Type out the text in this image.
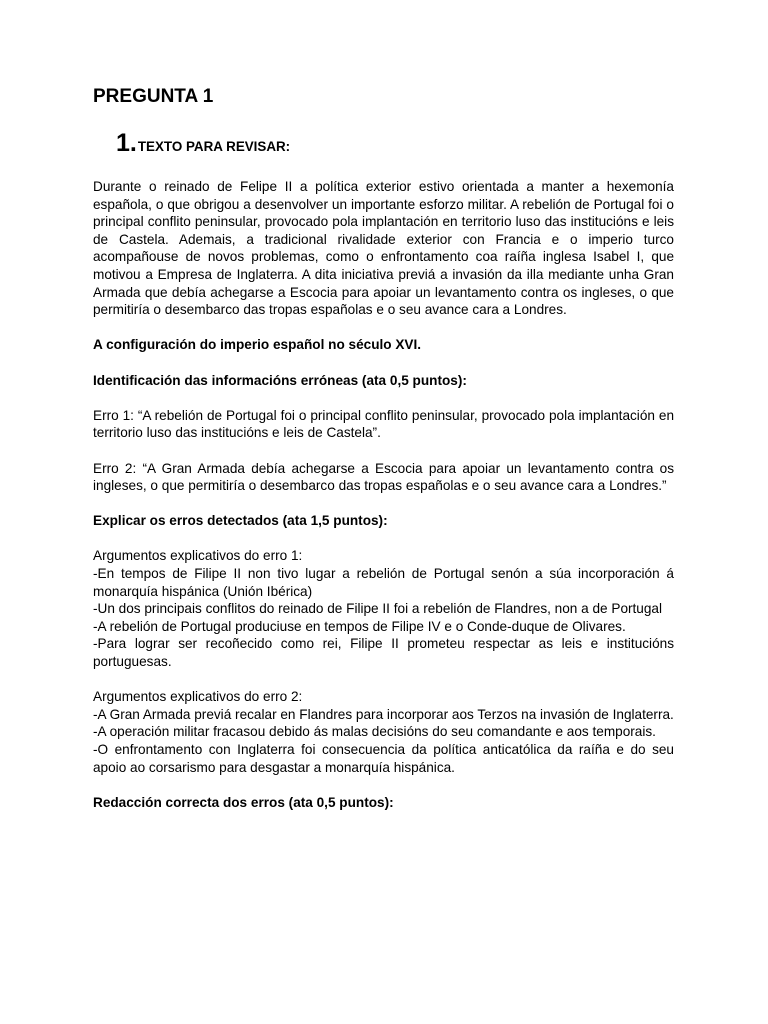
PREGUNTA 1
1.TEXTO PARA REVISAR:

Durante o reinado de Felipe II a política exterior estivo orientada a manter a hexemonía española, o que obrigou a desenvolver un importante esforzo militar. A rebelión de Portugal foi o principal conflito peninsular, provocado pola implantación en territorio luso das institucións e leis de Castela. Ademais, a tradicional rivalidade exterior con Francia e o imperio turco acompañouse de novos problemas, como o enfrontamento coa raíña inglesa Isabel I, que motivou a Empresa de Inglaterra. A dita iniciativa previá a invasión da illa mediante unha Gran Armada que debía achegarse a Escocia para apoiar un levantamento contra os ingleses, o que permitiría o desembarco das tropas españolas e o seu avance cara a Londres.

A configuración do imperio español no século XVI.

Identificación das informacións erróneas (ata 0,5 puntos):

Erro 1: “A rebelión de Portugal foi o principal conflito peninsular, provocado pola implantación en territorio luso das institucións e leis de Castela”.

Erro 2: “A Gran Armada debía achegarse a Escocia para apoiar un levantamento contra os ingleses, o que permitiría o desembarco das tropas españolas e o seu avance cara a Londres.”

Explicar os erros detectados (ata 1,5 puntos):

Argumentos explicativos do erro 1:

-En tempos de Filipe II non tivo lugar a rebelión de Portugal senón a súa incorporación á monarquía hispánica (Unión Ibérica)

-Un dos principais conflitos do reinado de Filipe II foi a rebelión de Flandres, non a de Portugal

-A rebelión de Portugal produciuse en tempos de Filipe IV e o Conde-duque de Olivares.

-Para lograr ser recoñecido como rei, Filipe II prometeu respectar as leis e institucións portuguesas.

Argumentos explicativos do erro 2:

-A Gran Armada previá recalar en Flandres para incorporar aos Terzos na invasión de Inglaterra.

-A operación militar fracasou debido ás malas decisións do seu comandante e aos temporais.

-O enfrontamento con Inglaterra foi consecuencia da política anticatólica da raíña e do seu apoio ao corsarismo para desgastar a monarquía hispánica.

Redacción correcta dos erros (ata 0,5 puntos):
